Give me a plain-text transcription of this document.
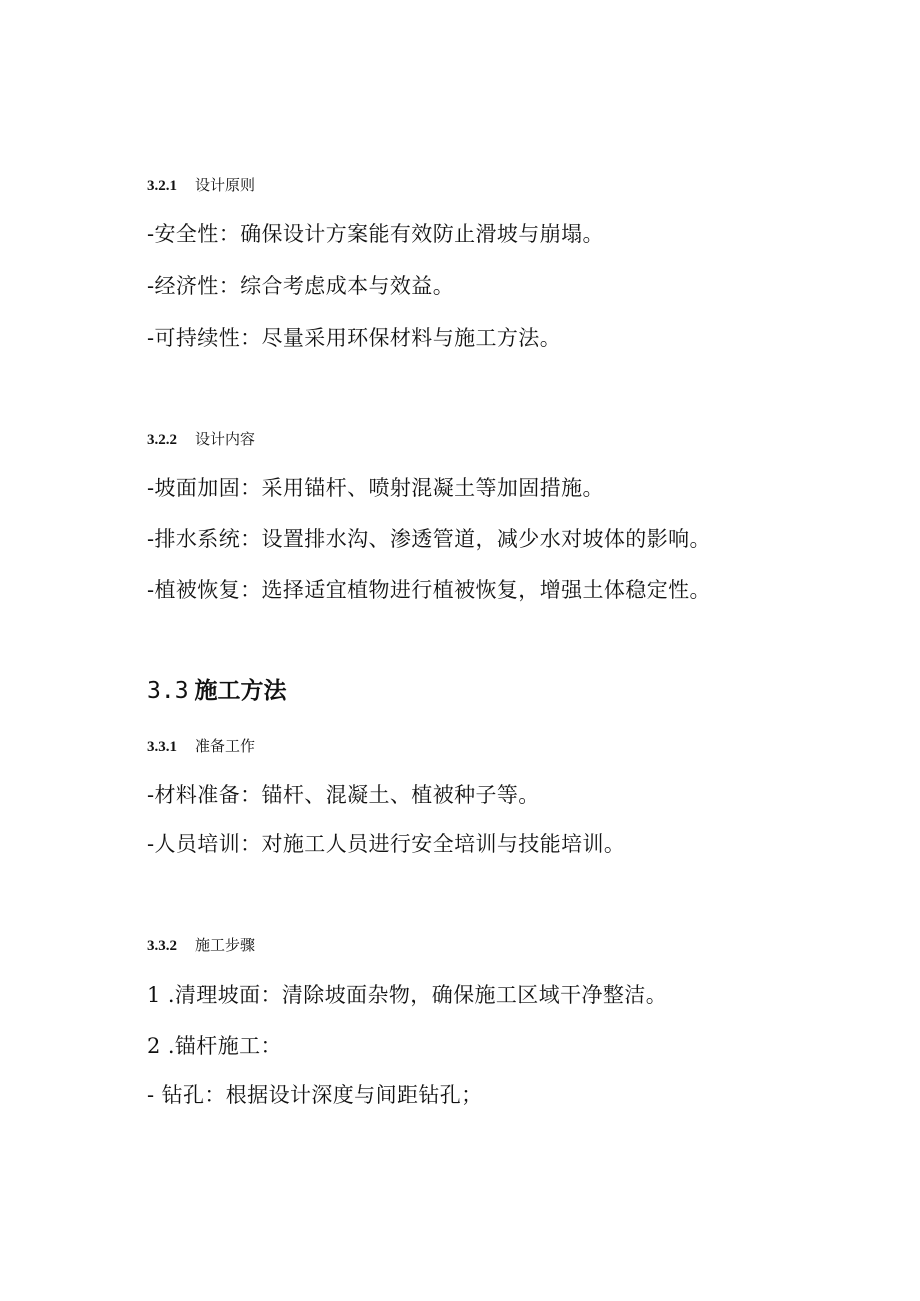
3.2.1 设计原则
-安全性：确保设计方案能有效防止滑坡与崩塌。
-经济性：综合考虑成本与效益。
-可持续性：尽量采用环保材料与施工方法。
3.2.2 设计内容
-坡面加固：采用锚杆、喷射混凝土等加固措施。
-排水系统：设置排水沟、渗透管道，减少水对坡体的影响。
-植被恢复：选择适宜植物进行植被恢复，增强土体稳定性。
3.3 施工方法
3.3.1 准备工作
-材料准备：锚杆、混凝土、植被种子等。
-人员培训：对施工人员进行安全培训与技能培训。
3.3.2 施工步骤
1 .清理坡面：清除坡面杂物，确保施工区域干净整洁。
2 .锚杆施工：
- 钻孔：根据设计深度与间距钻孔；
